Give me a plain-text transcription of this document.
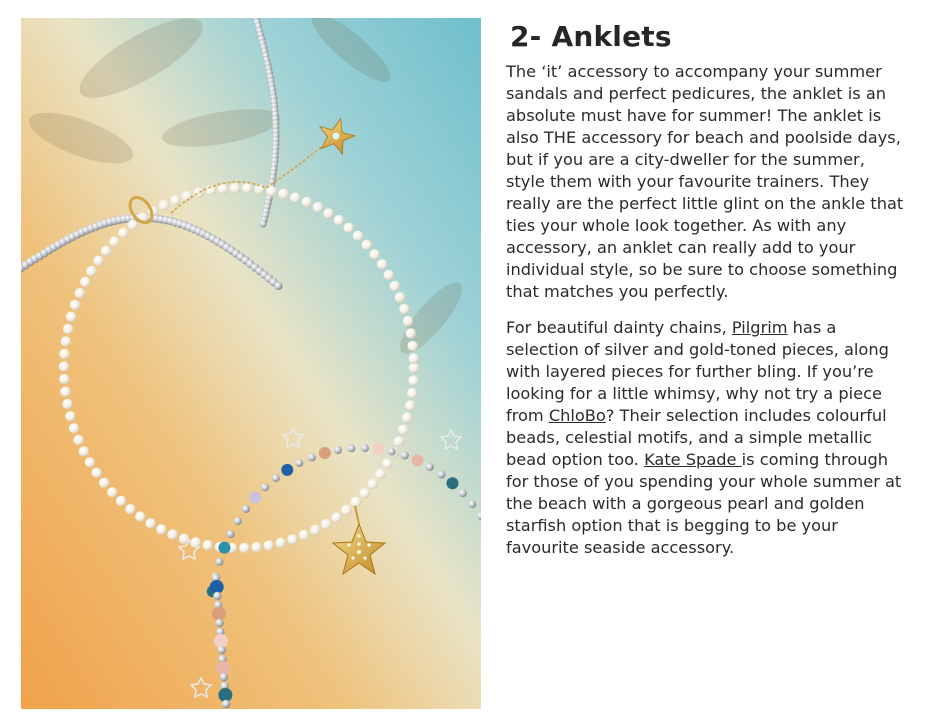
2- Anklets

The ‘it’ accessory to accompany your summer sandals and perfect pedicures, the anklet is an absolute must have for summer! The anklet is also THE accessory for beach and poolside days, but if you are a city-dweller for the summer, style them with your favourite trainers. They really are the perfect little glint on the ankle that ties your whole look together. As with any accessory, an anklet can really add to your individual style, so be sure to choose something that matches you perfectly.

For beautiful dainty chains, Pilgrim has a selection of silver and gold-toned pieces, along with layered pieces for further bling. If you’re looking for a little whimsy, why not try a piece from ChloBo? Their selection includes colourful beads, celestial motifs, and a simple metallic bead option too. Kate Spade is coming through for those of you spending your whole summer at the beach with a gorgeous pearl and golden starfish option that is begging to be your favourite seaside accessory.
